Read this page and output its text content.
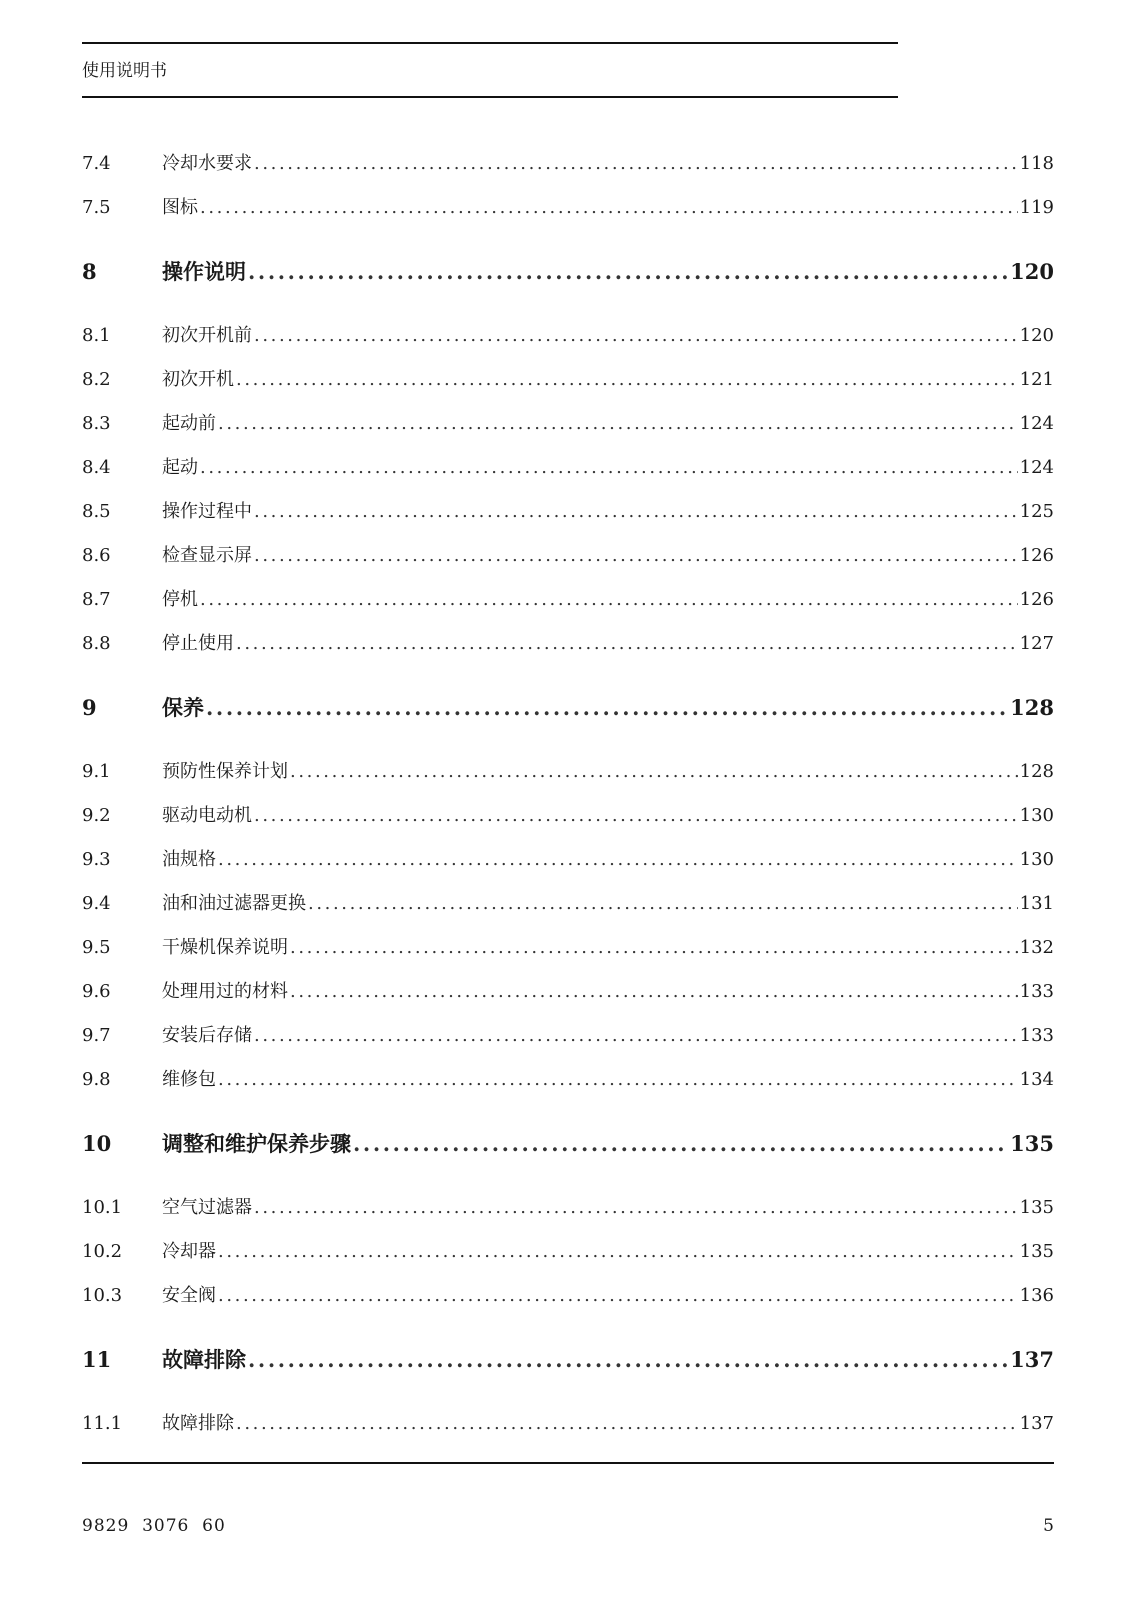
使用说明书
7.4	冷却水要求 .....	118
7.5	图标 .....	119
8	操作说明 .....	120
8.1	初次开机前 .....	120
8.2	初次开机 .....	121
8.3	起动前 .....	124
8.4	起动 .....	124
8.5	操作过程中 .....	125
8.6	检查显示屏 .....	126
8.7	停机 .....	126
8.8	停止使用 .....	127
9	保养 .....	128
9.1	预防性保养计划 .....	128
9.2	驱动电动机 .....	130
9.3	油规格 .....	130
9.4	油和油过滤器更换 .....	131
9.5	干燥机保养说明 .....	132
9.6	处理用过的材料 .....	133
9.7	安装后存储 .....	133
9.8	维修包 .....	134
10	调整和维护保养步骤 .....	135
10.1	空气过滤器 .....	135
10.2	冷却器 .....	135
10.3	安全阀 .....	136
11	故障排除 .....	137
11.1	故障排除 .....	137
9829  3076  60	5
